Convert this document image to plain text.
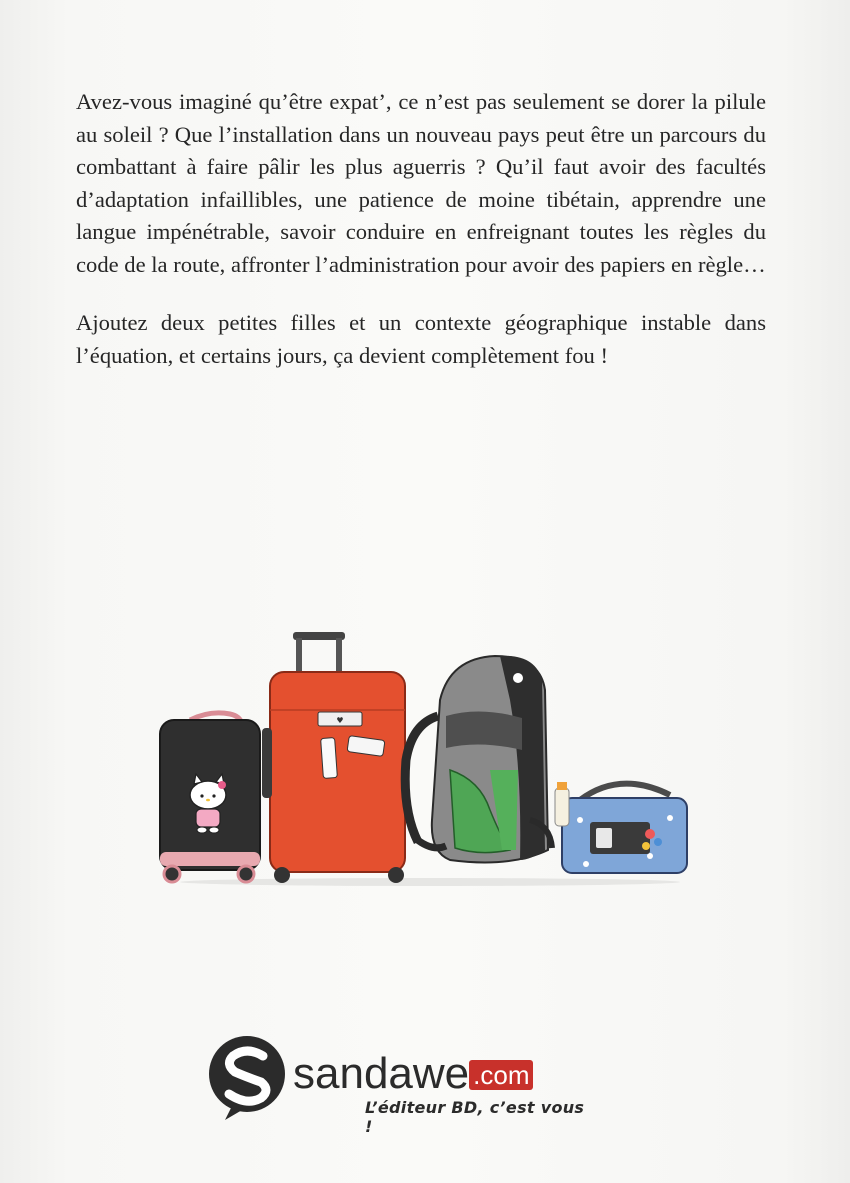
Avez-vous imaginé qu’être expat’, ce n’est pas seulement se dorer la pilule au soleil ? Que l’installation dans un nouveau pays peut être un parcours du combattant à faire pâlir les plus aguerris ? Qu’il faut avoir des facultés d’adaptation infaillibles, une patience de moine tibétain, apprendre une langue impénétrable, savoir conduire en enfreignant toutes les règles du code de la route, affronter l’administration pour avoir des papiers en règle…

Ajoutez deux petites filles et un contexte géographique instable dans l’équation, et certains jours, ça devient complètement fou !

♥
sandawe .com
L’éditeur BD, c’est vous !
